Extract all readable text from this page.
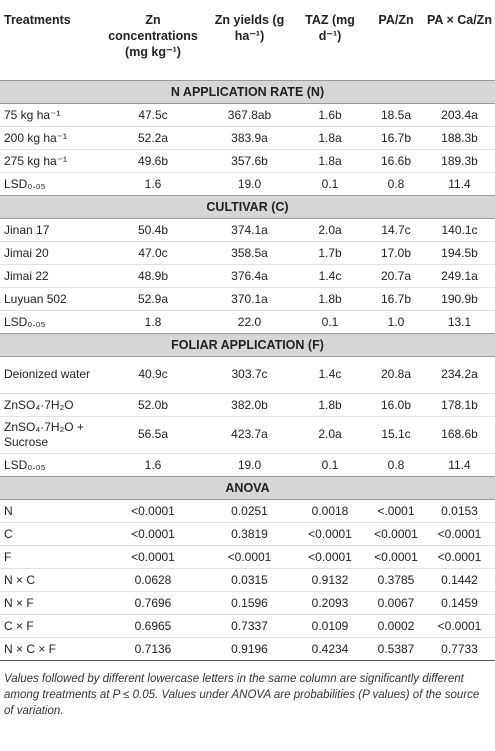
Treatments	Zn concentrations (mg kg⁻¹)	Zn yields (g ha⁻¹)	TAZ (mg d⁻¹)	PA/Zn	PA × Ca/Zn
N APPLICATION RATE (N)					
75 kg ha⁻¹	47.5c	367.8ab	1.6b	18.5a	203.4a
200 kg ha⁻¹	52.2a	383.9a	1.8a	16.7b	188.3b
275 kg ha⁻¹	49.6b	357.6b	1.8a	16.6b	189.3b
LSD₀.₀₅	1.6	19.0	0.1	0.8	11.4
CULTIVAR (C)					
Jinan 17	50.4b	374.1a	2.0a	14.7c	140.1c
Jimai 20	47.0c	358.5a	1.7b	17.0b	194.5b
Jimai 22	48.9b	376.4a	1.4c	20.7a	249.1a
Luyuan 502	52.9a	370.1a	1.8b	16.7b	190.9b
LSD₀.₀₅	1.8	22.0	0.1	1.0	13.1
FOLIAR APPLICATION (F)					
Deionized water	40.9c	303.7c	1.4c	20.8a	234.2a
ZnSO₄·7H₂O	52.0b	382.0b	1.8b	16.0b	178.1b
ZnSO₄·7H₂O + Sucrose	56.5a	423.7a	2.0a	15.1c	168.6b
LSD₀.₀₅	1.6	19.0	0.1	0.8	11.4
ANOVA					
N	<0.0001	0.0251	0.0018	<.0001	0.0153
C	<0.0001	0.3819	<0.0001	<0.0001	<0.0001
F	<0.0001	<0.0001	<0.0001	<0.0001	<0.0001
N × C	0.0628	0.0315	0.9132	0.3785	0.1442
N × F	0.7696	0.1596	0.2093	0.0067	0.1459
C × F	0.6965	0.7337	0.0109	0.0002	<0.0001
N × C × F	0.7136	0.9196	0.4234	0.5387	0.7733
Values followed by different lowercase letters in the same column are significantly different among treatments at P ≤ 0.05. Values under ANOVA are probabilities (P values) of the source of variation.
